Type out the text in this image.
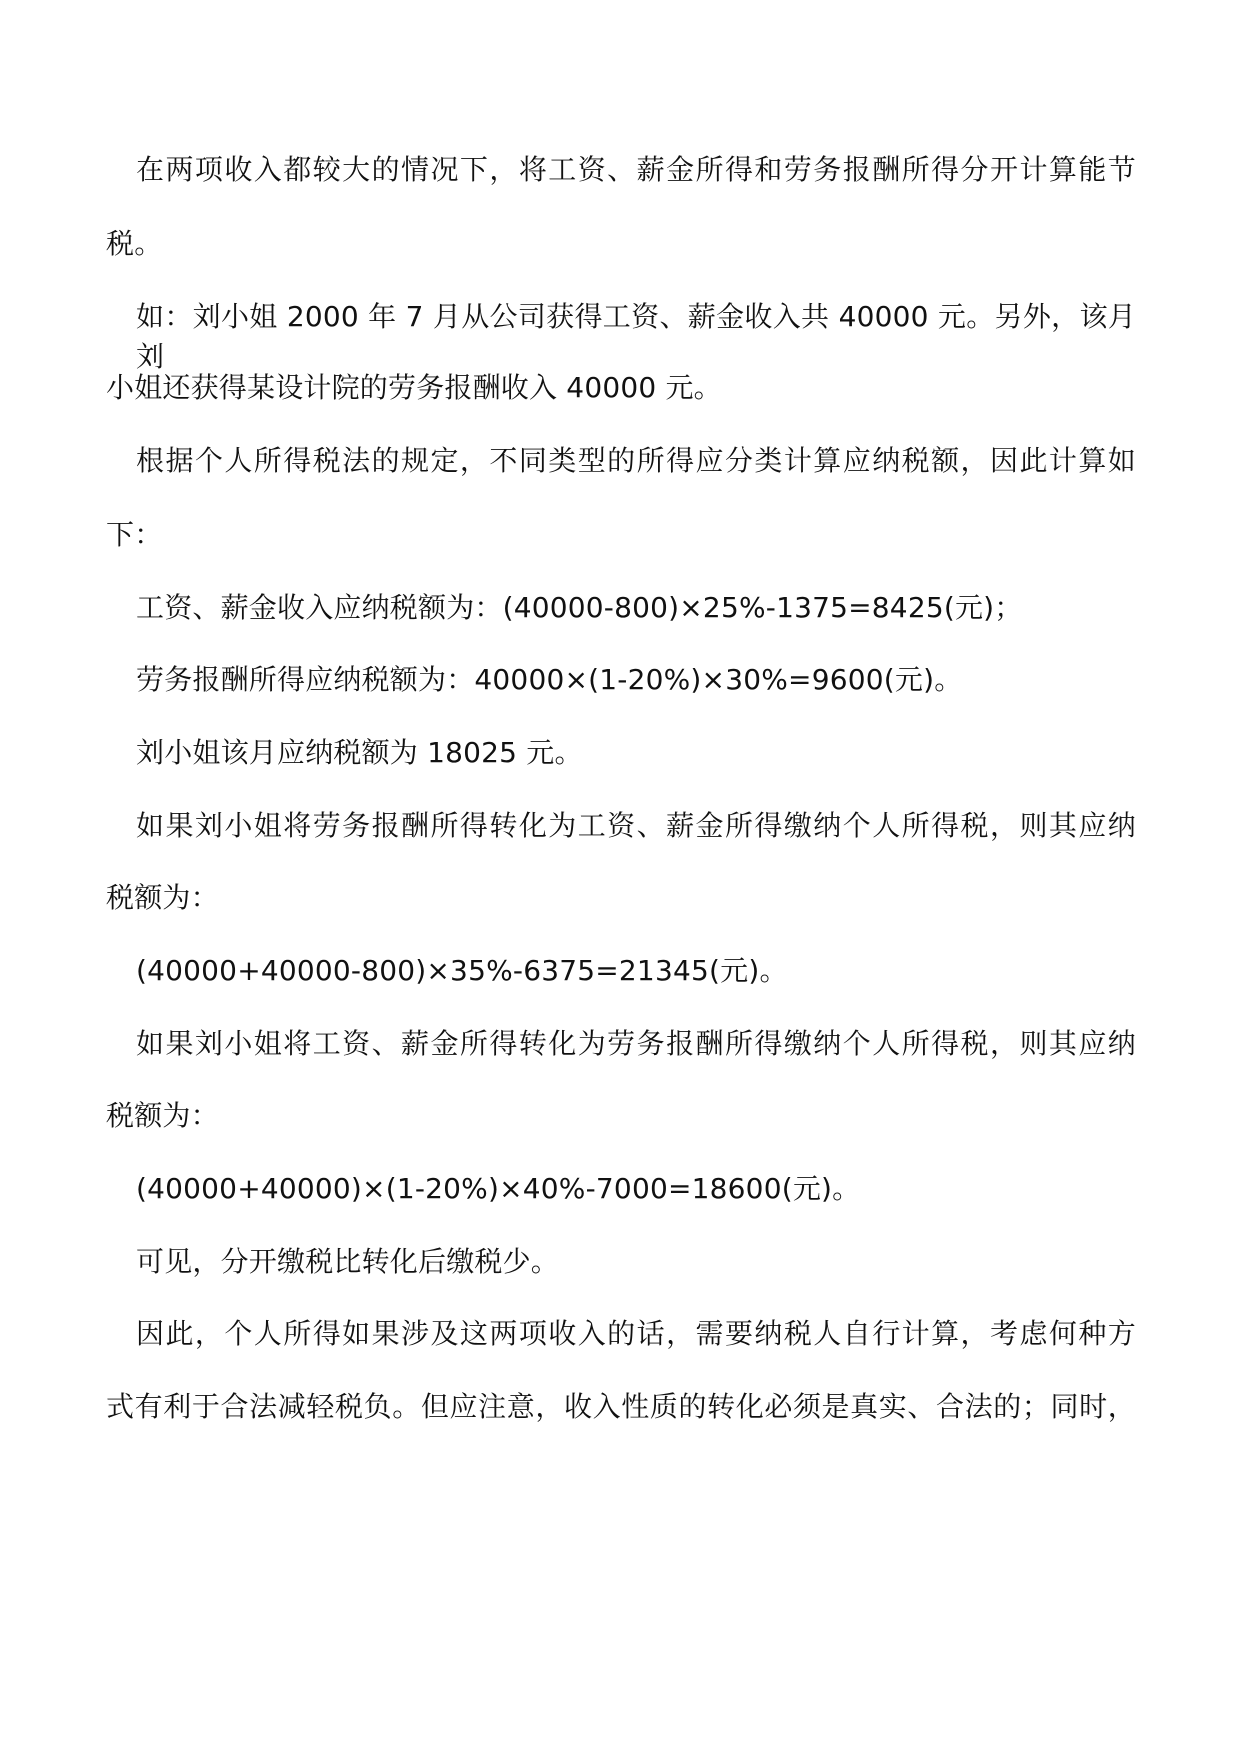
在两项收入都较大的情况下，将工资、薪金所得和劳务报酬所得分开计算能节
税。
如：刘小姐 2000 年 7 月从公司获得工资、薪金收入共 40000 元。另外，该月刘
小姐还获得某设计院的劳务报酬收入 40000 元。
根据个人所得税法的规定，不同类型的所得应分类计算应纳税额，因此计算如
下：
工资、薪金收入应纳税额为：(40000-800)×25%-1375=8425(元)；
劳务报酬所得应纳税额为：40000×(1-20%)×30%=9600(元)。
刘小姐该月应纳税额为 18025 元。
如果刘小姐将劳务报酬所得转化为工资、薪金所得缴纳个人所得税，则其应纳
税额为：
(40000+40000-800)×35%-6375=21345(元)。
如果刘小姐将工资、薪金所得转化为劳务报酬所得缴纳个人所得税，则其应纳
税额为：
(40000+40000)×(1-20%)×40%-7000=18600(元)。
可见，分开缴税比转化后缴税少。
因此，个人所得如果涉及这两项收入的话，需要纳税人自行计算，考虑何种方
式有利于合法减轻税负。但应注意，收入性质的转化必须是真实、合法的；同时，
